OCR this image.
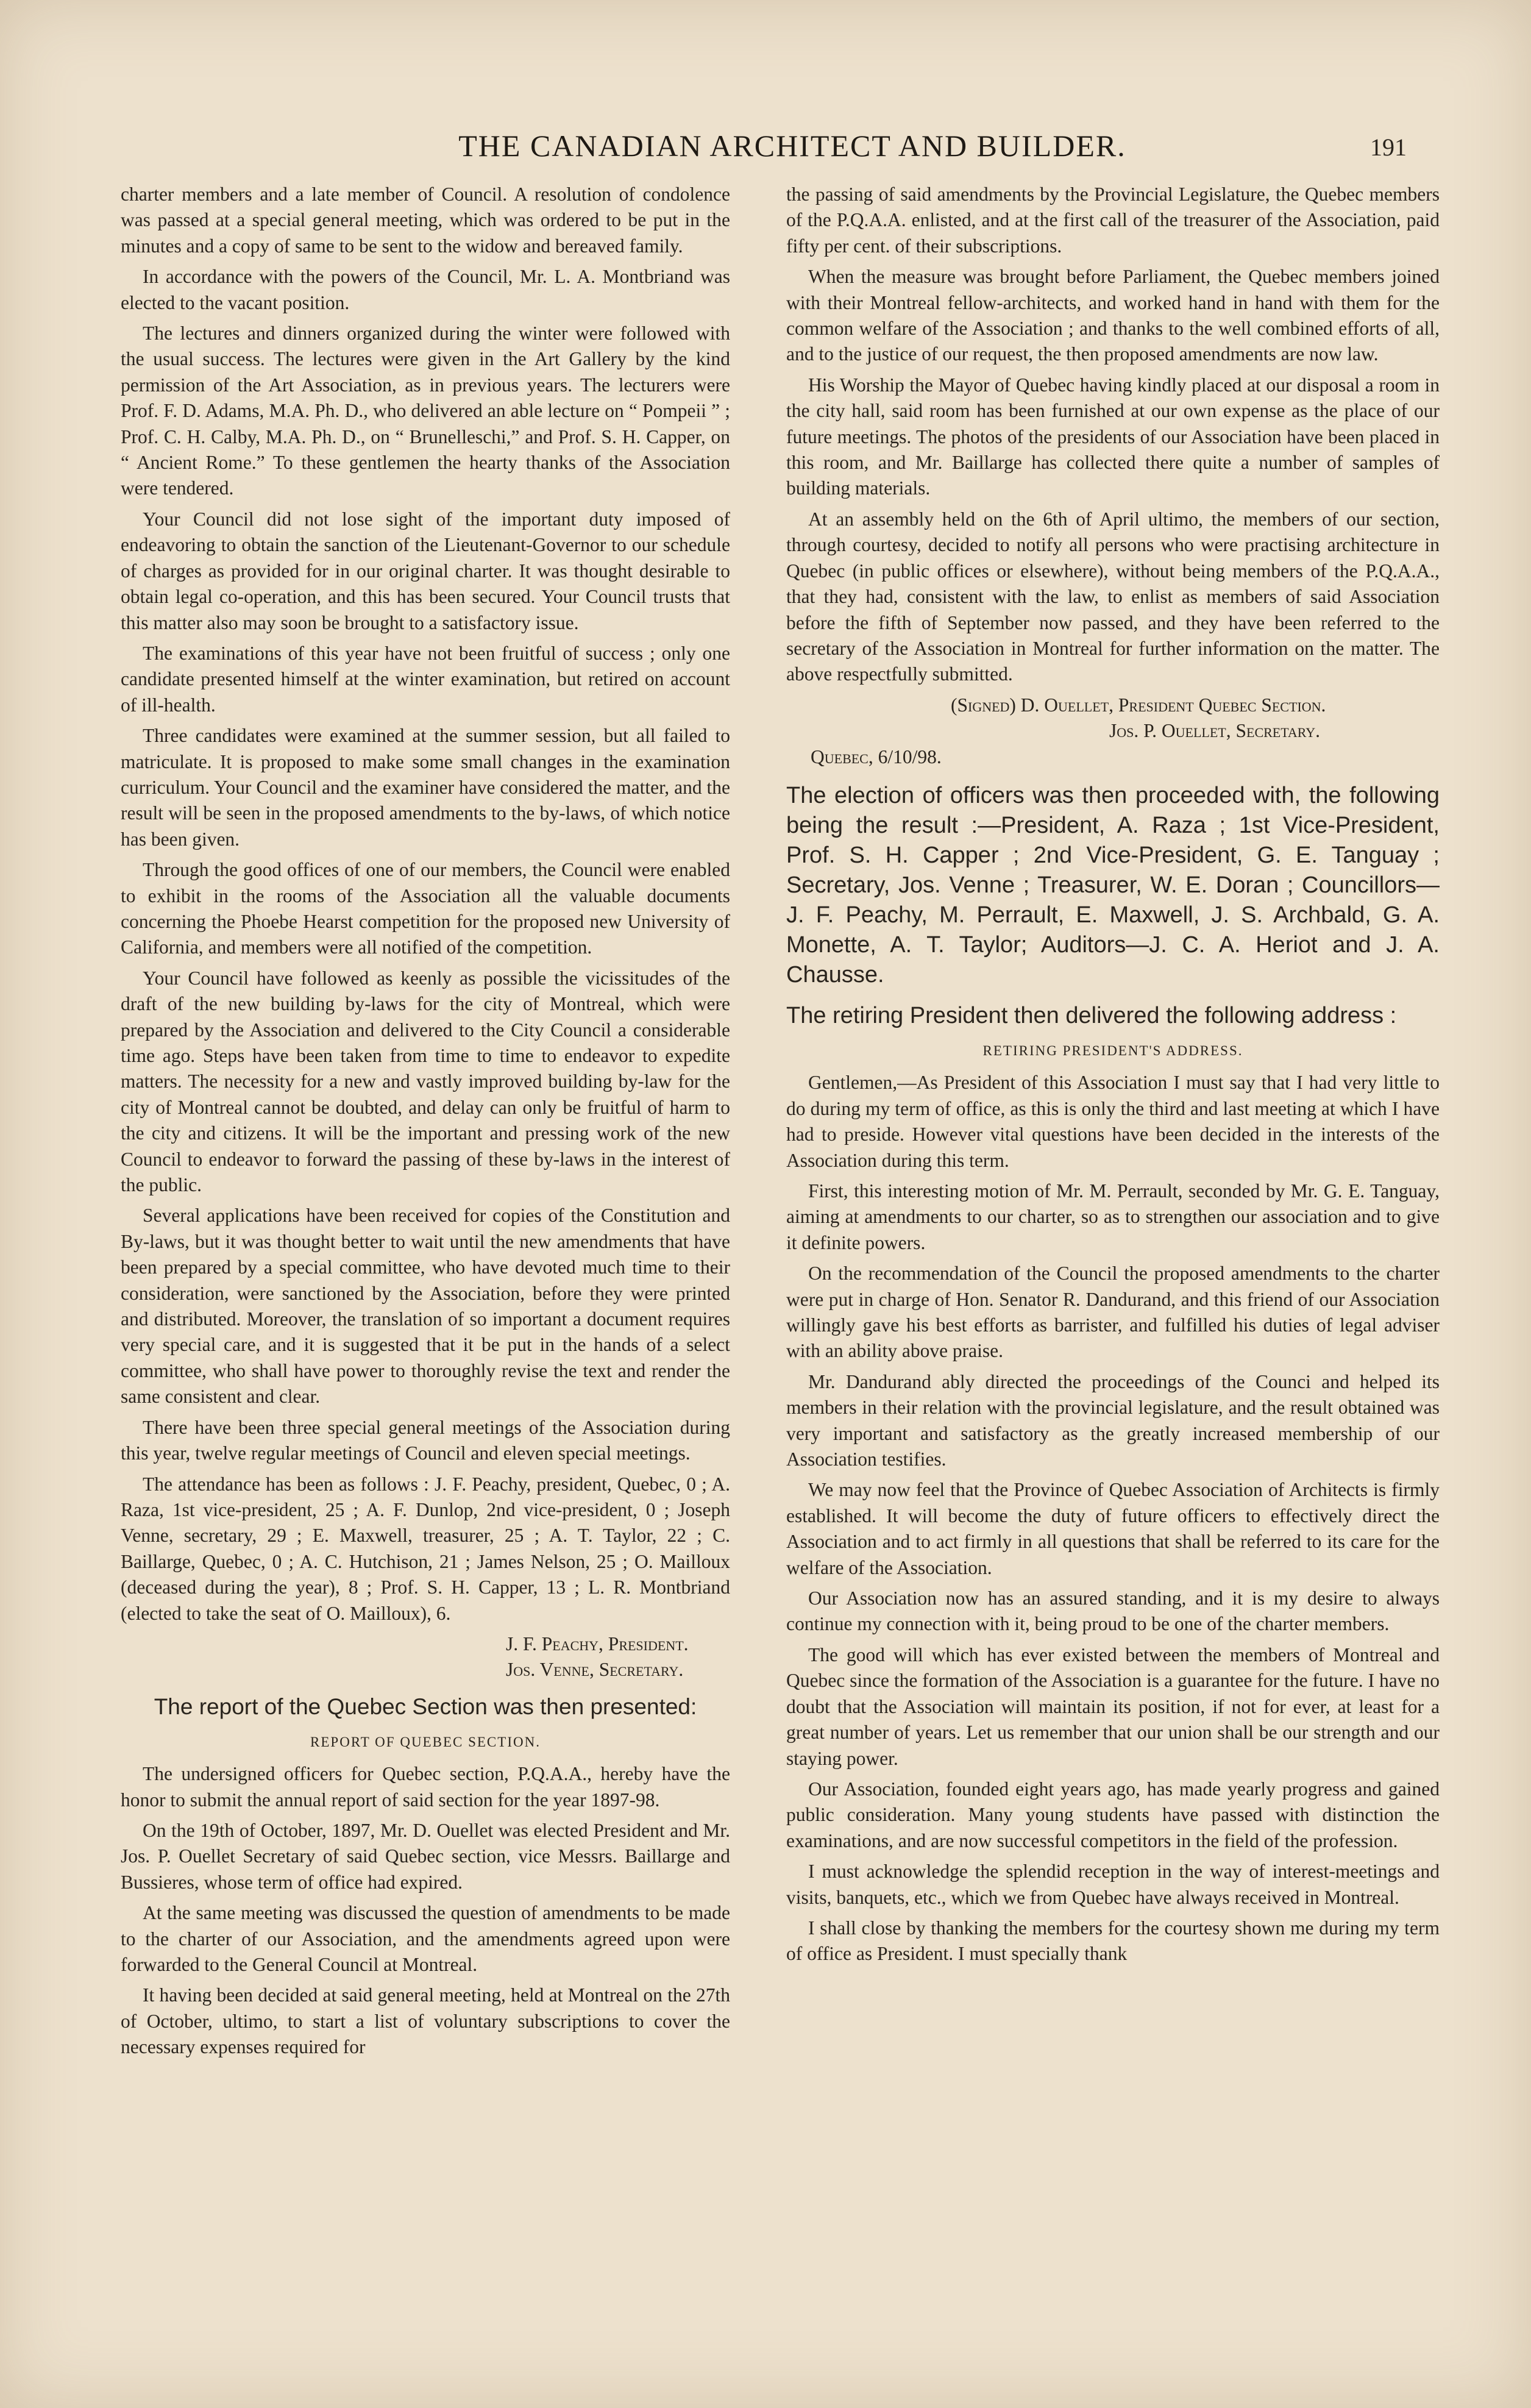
THE CANADIAN ARCHITECT AND BUILDER.	191

charter members and a late member of Council. A resolution of condolence was passed at a special general meeting, which was ordered to be put in the minutes and a copy of same to be sent to the widow and bereaved family.

In accordance with the powers of the Council, Mr. L. A. Montbriand was elected to the vacant position.

The lectures and dinners organized during the winter were followed with the usual success. The lectures were given in the Art Gallery by the kind permission of the Art Association, as in previous years. The lecturers were Prof. F. D. Adams, M.A. Ph. D., who delivered an able lecture on “ Pompeii ” ; Prof. C. H. Calby, M.A. Ph. D., on “ Brunelleschi,” and Prof. S. H. Capper, on “ Ancient Rome.” To these gentlemen the hearty thanks of the Association were tendered.

Your Council did not lose sight of the important duty imposed of endeavoring to obtain the sanction of the Lieutenant-Governor to our schedule of charges as provided for in our original charter. It was thought desirable to obtain legal co-operation, and this has been secured. Your Council trusts that this matter also may soon be brought to a satisfactory issue.

The examinations of this year have not been fruitful of success ; only one candidate presented himself at the winter examination, but retired on account of ill-health.

Three candidates were examined at the summer session, but all failed to matriculate. It is proposed to make some small changes in the examination curriculum. Your Council and the examiner have considered the matter, and the result will be seen in the proposed amendments to the by-laws, of which notice has been given.

Through the good offices of one of our members, the Council were enabled to exhibit in the rooms of the Association all the valuable documents concerning the Phoebe Hearst competition for the proposed new University of California, and members were all notified of the competition.

Your Council have followed as keenly as possible the vicissitudes of the draft of the new building by-laws for the city of Montreal, which were prepared by the Association and delivered to the City Council a considerable time ago. Steps have been taken from time to time to endeavor to expedite matters. The necessity for a new and vastly improved building by-law for the city of Montreal cannot be doubted, and delay can only be fruitful of harm to the city and citizens. It will be the important and pressing work of the new Council to endeavor to forward the passing of these by-laws in the interest of the public.

Several applications have been received for copies of the Constitution and By-laws, but it was thought better to wait until the new amendments that have been prepared by a special committee, who have devoted much time to their consideration, were sanctioned by the Association, before they were printed and distributed. Moreover, the translation of so important a document requires very special care, and it is suggested that it be put in the hands of a select committee, who shall have power to thoroughly revise the text and render the same consistent and clear.

There have been three special general meetings of the Association during this year, twelve regular meetings of Council and eleven special meetings.

The attendance has been as follows : J. F. Peachy, president, Quebec, 0 ; A. Raza, 1st vice-president, 25 ; A. F. Dunlop, 2nd vice-president, 0 ; Joseph Venne, secretary, 29 ; E. Maxwell, treasurer, 25 ; A. T. Taylor, 22 ; C. Baillarge, Quebec, 0 ; A. C. Hutchison, 21 ; James Nelson, 25 ; O. Mailloux (deceased during the year), 8 ; Prof. S. H. Capper, 13 ; L. R. Montbriand (elected to take the seat of O. Mailloux), 6.

J. F. Peachy, President.
Jos. Venne, Secretary.
The report of the Quebec Section was then presented:
REPORT OF QUEBEC SECTION.

The undersigned officers for Quebec section, P.Q.A.A., hereby have the honor to submit the annual report of said section for the year 1897-98.

On the 19th of October, 1897, Mr. D. Ouellet was elected President and Mr. Jos. P. Ouellet Secretary of said Quebec section, vice Messrs. Baillarge and Bussieres, whose term of office had expired.

At the same meeting was discussed the question of amendments to be made to the charter of our Association, and the amendments agreed upon were forwarded to the General Council at Montreal.

It having been decided at said general meeting, held at Montreal on the 27th of October, ultimo, to start a list of voluntary subscriptions to cover the necessary expenses required for

the passing of said amendments by the Provincial Legislature, the Quebec members of the P.Q.A.A. enlisted, and at the first call of the treasurer of the Association, paid fifty per cent. of their subscriptions.

When the measure was brought before Parliament, the Quebec members joined with their Montreal fellow-architects, and worked hand in hand with them for the common welfare of the Association ; and thanks to the well combined efforts of all, and to the justice of our request, the then proposed amendments are now law.

His Worship the Mayor of Quebec having kindly placed at our disposal a room in the city hall, said room has been furnished at our own expense as the place of our future meetings. The photos of the presidents of our Association have been placed in this room, and Mr. Baillarge has collected there quite a number of samples of building materials.

At an assembly held on the 6th of April ultimo, the members of our section, through courtesy, decided to notify all persons who were practising architecture in Quebec (in public offices or elsewhere), without being members of the P.Q.A.A., that they had, consistent with the law, to enlist as members of said Association before the fifth of September now passed, and they have been referred to the secretary of the Association in Montreal for further information on the matter. The above respectfully submitted.

(Signed) D. Ouellet, President Quebec Section.
Jos. P. Ouellet, Secretary.
Quebec, 6/10/98.

The election of officers was then proceeded with, the following being the result :—President, A. Raza ; 1st Vice-President, Prof. S. H. Capper ; 2nd Vice-President, G. E. Tanguay ; Secretary, Jos. Venne ; Treasurer, W. E. Doran ; Councillors—J. F. Peachy, M. Perrault, E. Maxwell, J. S. Archbald, G. A. Monette, A. T. Taylor; Auditors—J. C. A. Heriot and J. A. Chausse.

The retiring President then delivered the following address :

RETIRING PRESIDENT'S ADDRESS.

Gentlemen,—As President of this Association I must say that I had very little to do during my term of office, as this is only the third and last meeting at which I have had to preside. However vital questions have been decided in the interests of the Association during this term.

First, this interesting motion of Mr. M. Perrault, seconded by Mr. G. E. Tanguay, aiming at amendments to our charter, so as to strengthen our association and to give it definite powers.

On the recommendation of the Council the proposed amendments to the charter were put in charge of Hon. Senator R. Dandurand, and this friend of our Association willingly gave his best efforts as barrister, and fulfilled his duties of legal adviser with an ability above praise.

Mr. Dandurand ably directed the proceedings of the Counci and helped its members in their relation with the provincial legislature, and the result obtained was very important and satisfactory as the greatly increased membership of our Association testifies.

We may now feel that the Province of Quebec Association of Architects is firmly established. It will become the duty of future officers to effectively direct the Association and to act firmly in all questions that shall be referred to its care for the welfare of the Association.

Our Association now has an assured standing, and it is my desire to always continue my connection with it, being proud to be one of the charter members.

The good will which has ever existed between the members of Montreal and Quebec since the formation of the Association is a guarantee for the future. I have no doubt that the Association will maintain its position, if not for ever, at least for a great number of years. Let us remember that our union shall be our strength and our staying power.

Our Association, founded eight years ago, has made yearly progress and gained public consideration. Many young students have passed with distinction the examinations, and are now successful competitors in the field of the profession.

I must acknowledge the splendid reception in the way of interest-meetings and visits, banquets, etc., which we from Quebec have always received in Montreal.

I shall close by thanking the members for the courtesy shown me during my term of office as President. I must specially thank
